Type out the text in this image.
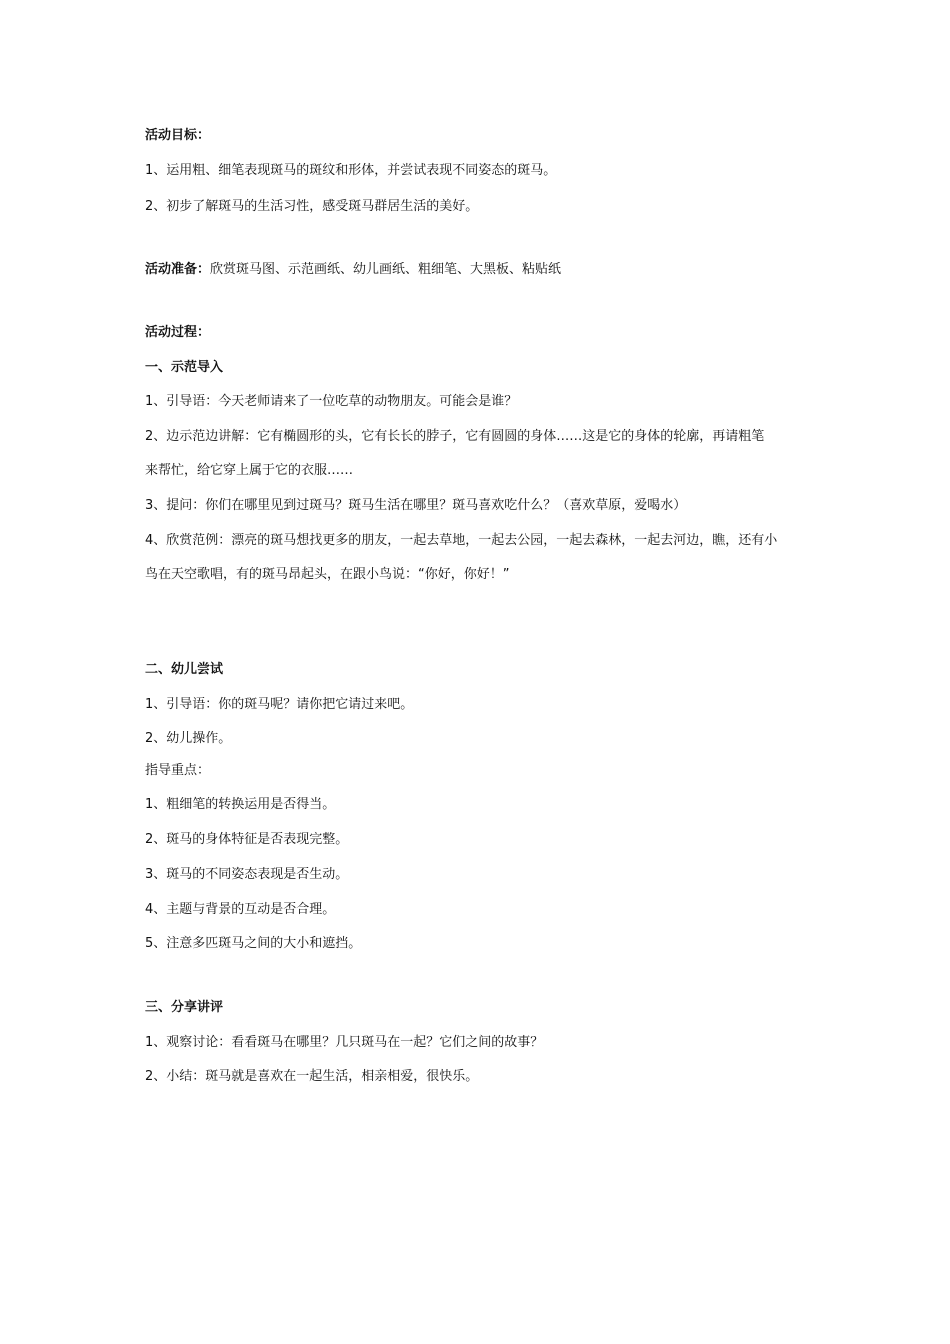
活动目标：
1、运用粗、细笔表现斑马的斑纹和形体，并尝试表现不同姿态的斑马。
2、初步了解斑马的生活习性，感受斑马群居生活的美好。
活动准备：欣赏斑马图、示范画纸、幼儿画纸、粗细笔、大黑板、粘贴纸
活动过程：
一、示范导入
1、引导语：今天老师请来了一位吃草的动物朋友。可能会是谁？
2、边示范边讲解：它有椭圆形的头，它有长长的脖子，它有圆圆的身体……这是它的身体的轮廓，再请粗笔
来帮忙，给它穿上属于它的衣服……
3、提问：你们在哪里见到过斑马？斑马生活在哪里？斑马喜欢吃什么？（喜欢草原，爱喝水）
4、欣赏范例：漂亮的斑马想找更多的朋友，一起去草地，一起去公园，一起去森林，一起去河边，瞧，还有小
鸟在天空歌唱，有的斑马昂起头，在跟小鸟说：“你好，你好！”
二、幼儿尝试
1、引导语：你的斑马呢？请你把它请过来吧。
2、幼儿操作。
指导重点：
1、粗细笔的转换运用是否得当。
2、斑马的身体特征是否表现完整。
3、斑马的不同姿态表现是否生动。
4、主题与背景的互动是否合理。
5、注意多匹斑马之间的大小和遮挡。
三、分享讲评
1、观察讨论：看看斑马在哪里？几只斑马在一起？它们之间的故事？
2、小结：斑马就是喜欢在一起生活，相亲相爱，很快乐。
